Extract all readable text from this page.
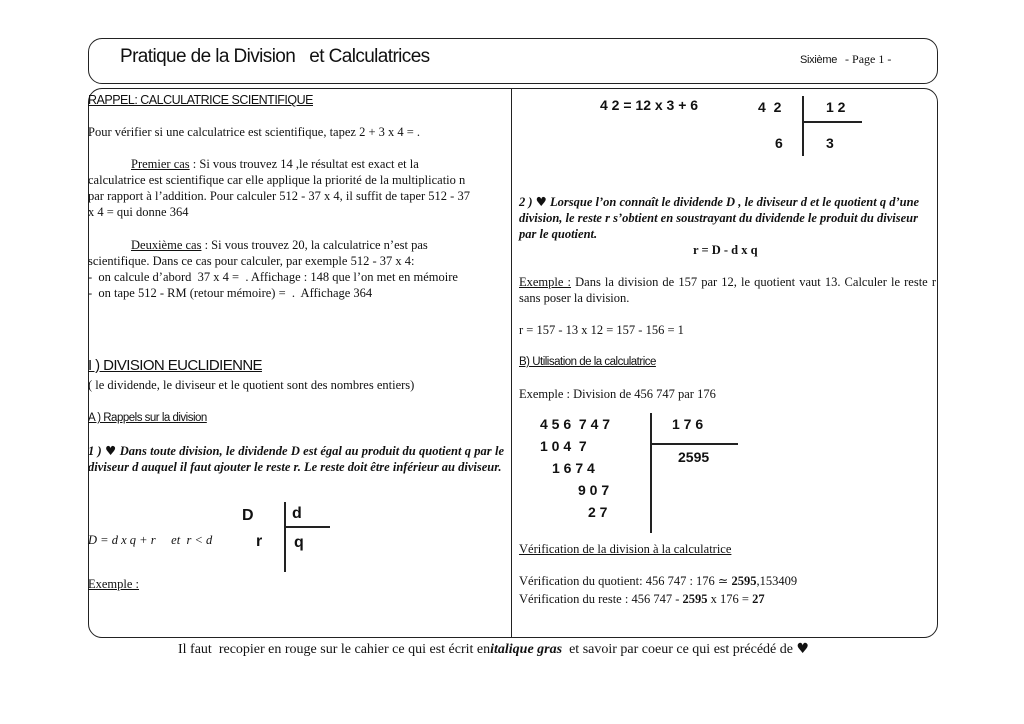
Pratique de la Division   et Calculatrices	Sixième - Page 1 -
RAPPEL: CALCULATRICE SCIENTIFIQUE
Pour vérifier si une calculatrice est scientifique, tapez 2 + 3 x 4 = .
Premier cas : Si vous trouvez 14 ,le résultat est exact et la
calculatrice est scientifique car elle applique la priorité de la multiplicatio n
par rapport à l’addition. Pour calculer 512 - 37 x 4, il suffit de taper 512 - 37
x 4 = qui donne 364
Deuxième cas : Si vous trouvez 20, la calculatrice n’est pas
scientifique. Dans ce cas pour calculer, par exemple 512 - 37 x 4:
-  on calcule d’abord  37 x 4 =  . Affichage : 148 que l’on met en mémoire
-  on tape 512 - RM (retour mémoire) =  .  Affichage 364
I ) DIVISION EUCLIDIENNE
( le dividende, le diviseur et le quotient sont des nombres entiers)
A ) Rappels sur la division
1 ) ♥ Dans toute division, le dividende D est égal au produit du quotient q par le diviseur d auquel il faut ajouter le reste r. Le reste doit être inférieur au diviseur.
D = d x q + r     et  r < d
D d
r q
Exemple :
4 2 = 12 x 3 + 6	4  2	1 2
6	3
2 ) ♥ Lorsque l’on connaît le dividende D , le diviseur d et le quotient q d’une division, le reste r s’obtient en soustrayant du dividende le produit du diviseur par le quotient.
r = D - d x q
Exemple : Dans la division de 157 par 12, le quotient vaut 13. Calculer le reste r sans poser la division.
r = 157 - 13 x 12 = 157 - 156 = 1
B) Utilisation de la calculatrice
Exemple : Division de 456 747 par 176
4 5 6  7 4 7
1 0 4  7
1 6 7 4
9 0 7
2 7
1 7 6
2595
Vérification de la division à la calculatrice
Vérification du quotient: 456 747 : 176 ≃ 2595,153409
Vérification du reste : 456 747 - 2595 x 176 = 27
Il faut  recopier en rouge sur le cahier ce qui est écrit enitalique gras  et savoir par coeur ce qui est précédé de ♥
